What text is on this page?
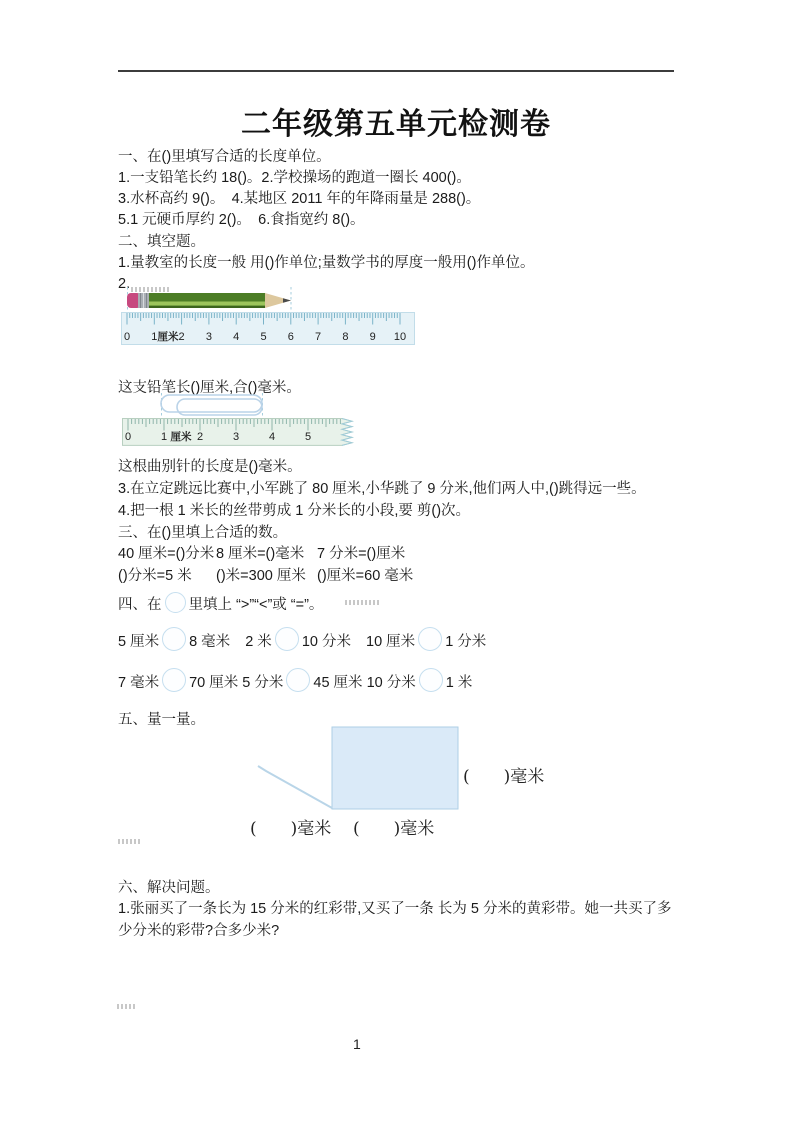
二年级第五单元检测卷
一、在()里填写合适的长度单位。
1.一支铅笔长约 18()。2.学校操场的跑道一圈长 400()。
3.水杯高约 9()。　4.某地区 2011 年的年降雨量是 288()。
5.1 元硬币厚约 2()。　6.食指宽约 8()。
二、填空题。
1.量教室的长度一般 用()作单位;量数学书的厚度一般用()作单位。
2.
0 1 厘米 2 3 4 5 6 7 8 9 10
这支铅笔长()厘米,合()毫米。
0	1 厘米 2	3	4	5
这根曲别针的长度是()毫米。
3.在立定跳远比赛中,小军跳了 80 厘米,小华跳了 9 分米,他们两人中,()跳得远一些。
4.把一根 1 米长的丝带剪成 1 分米长的小段,要 剪()次。
三、在()里填上合适的数。
40 厘米=()分米 8 厘米=()毫米 7 分米=()厘米
()分米=5 米 ()米=300 厘米 ()厘米=60 毫米
四、在 里填上 “>”“<”或 “=”。
5 厘米 8 毫米 2 米 10 分米 10 厘米 1 分米
7 毫米 70 厘米 5 分米 45 厘米 10 分米 1 米
五、量一量。
(　　)毫米
(　　)毫米 (　　)毫米
六、解决问题。
1.张丽买了一条长为 15 分米的红彩带,又买了一条 长为 5 分米的黄彩带。她一共买了多少分米的彩带?合多少米?
1
